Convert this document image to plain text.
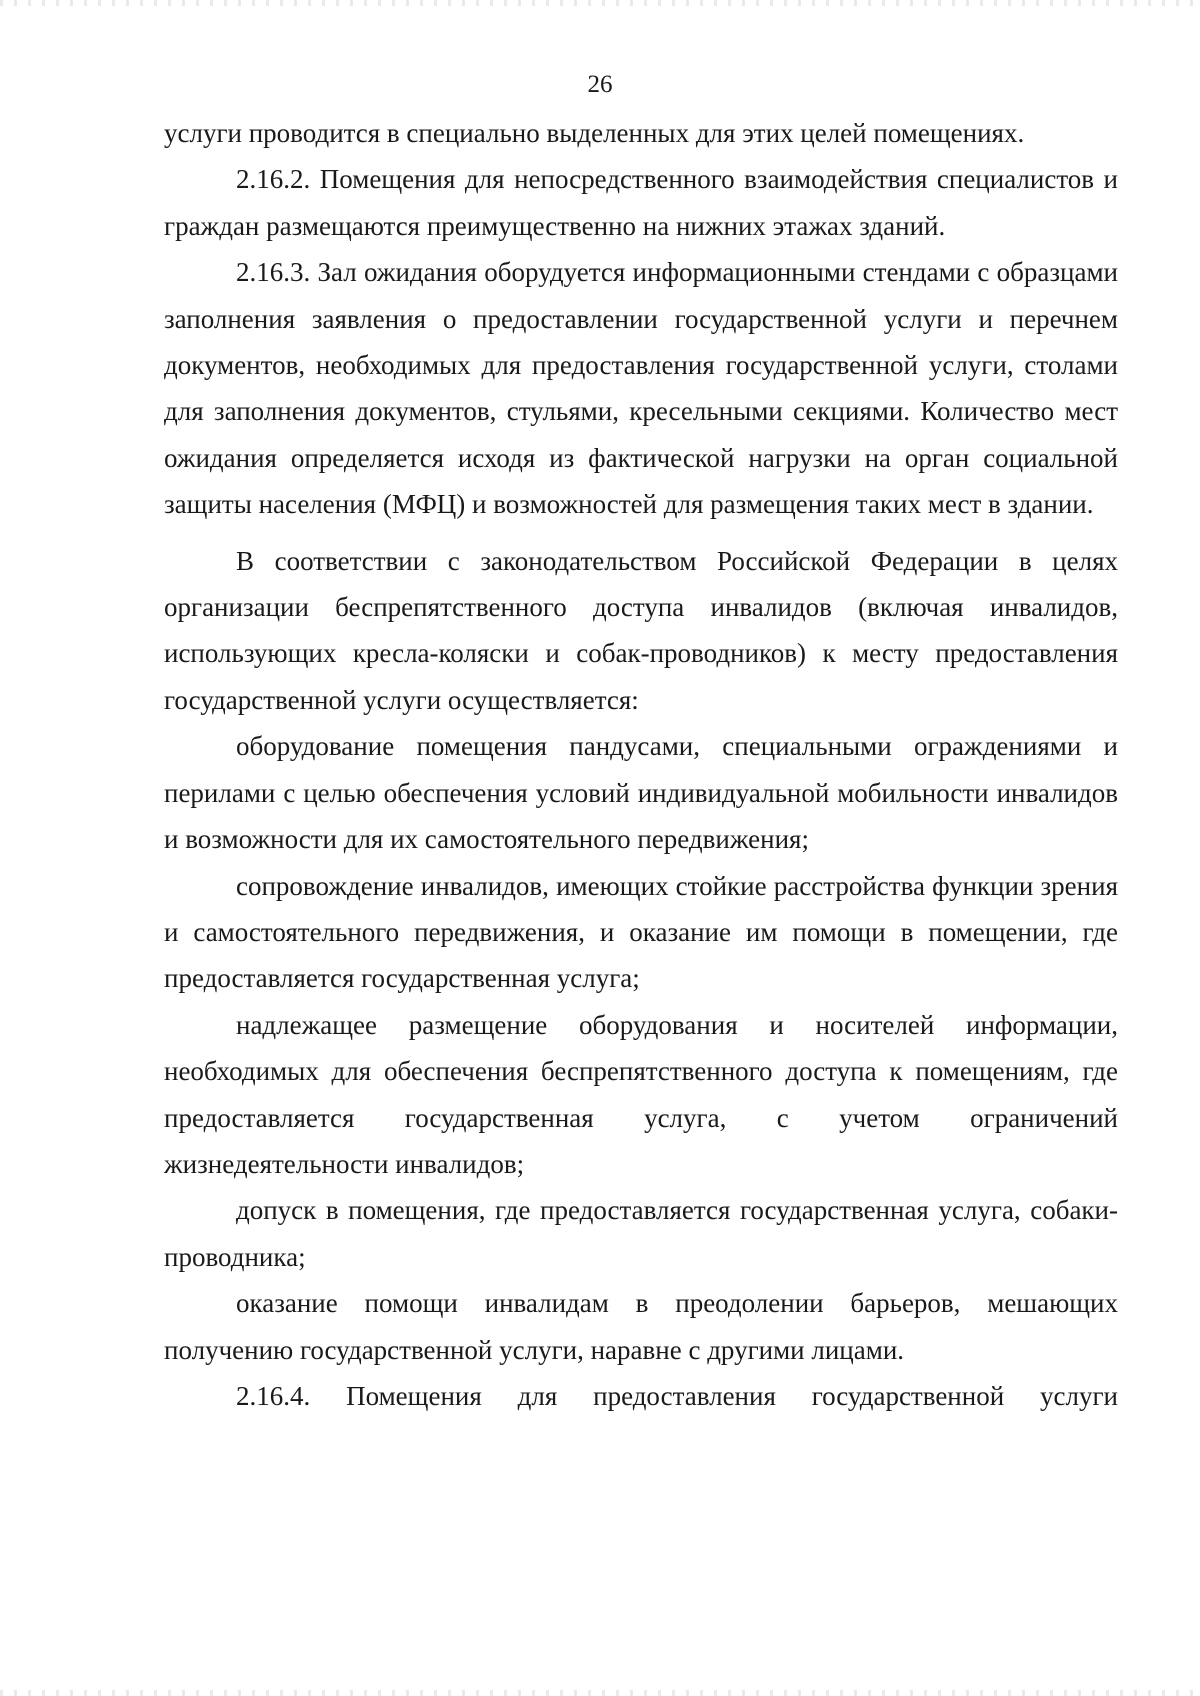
26

услуги проводится в специально выделенных для этих целей помещениях.

2.16.2. Помещения для непосредственного взаимодействия специалистов и граждан размещаются преимущественно на нижних этажах зданий.

2.16.3. Зал ожидания оборудуется информационными стендами с образцами заполнения заявления о предоставлении государственной услуги и перечнем документов, необходимых для предоставления государственной услуги, столами для заполнения документов, стульями, кресельными секциями. Количество мест ожидания определяется исходя из фактической нагрузки на орган социальной защиты населения (МФЦ) и возможностей для размещения таких мест в здании.

В соответствии с законодательством Российской Федерации в целях организации беспрепятственного доступа инвалидов (включая инвалидов, использующих кресла-коляски и собак-проводников) к месту предоставления государственной услуги осуществляется:

оборудование помещения пандусами, специальными ограждениями и перилами с целью обеспечения условий индивидуальной мобильности инвалидов и возможности для их самостоятельного передвижения;

сопровождение инвалидов, имеющих стойкие расстройства функции зрения и самостоятельного передвижения, и оказание им помощи в помещении, где предоставляется государственная услуга;

надлежащее размещение оборудования и носителей информации, необходимых для обеспечения беспрепятственного доступа к помещениям, где предоставляется государственная услуга, с учетом ограничений жизнедеятельности инвалидов;

допуск в помещения, где предоставляется государственная услуга, собаки-проводника;

оказание помощи инвалидам в преодолении барьеров, мешающих получению государственной услуги, наравне с другими лицами.

2.16.4. Помещения для предоставления государственной услуги
